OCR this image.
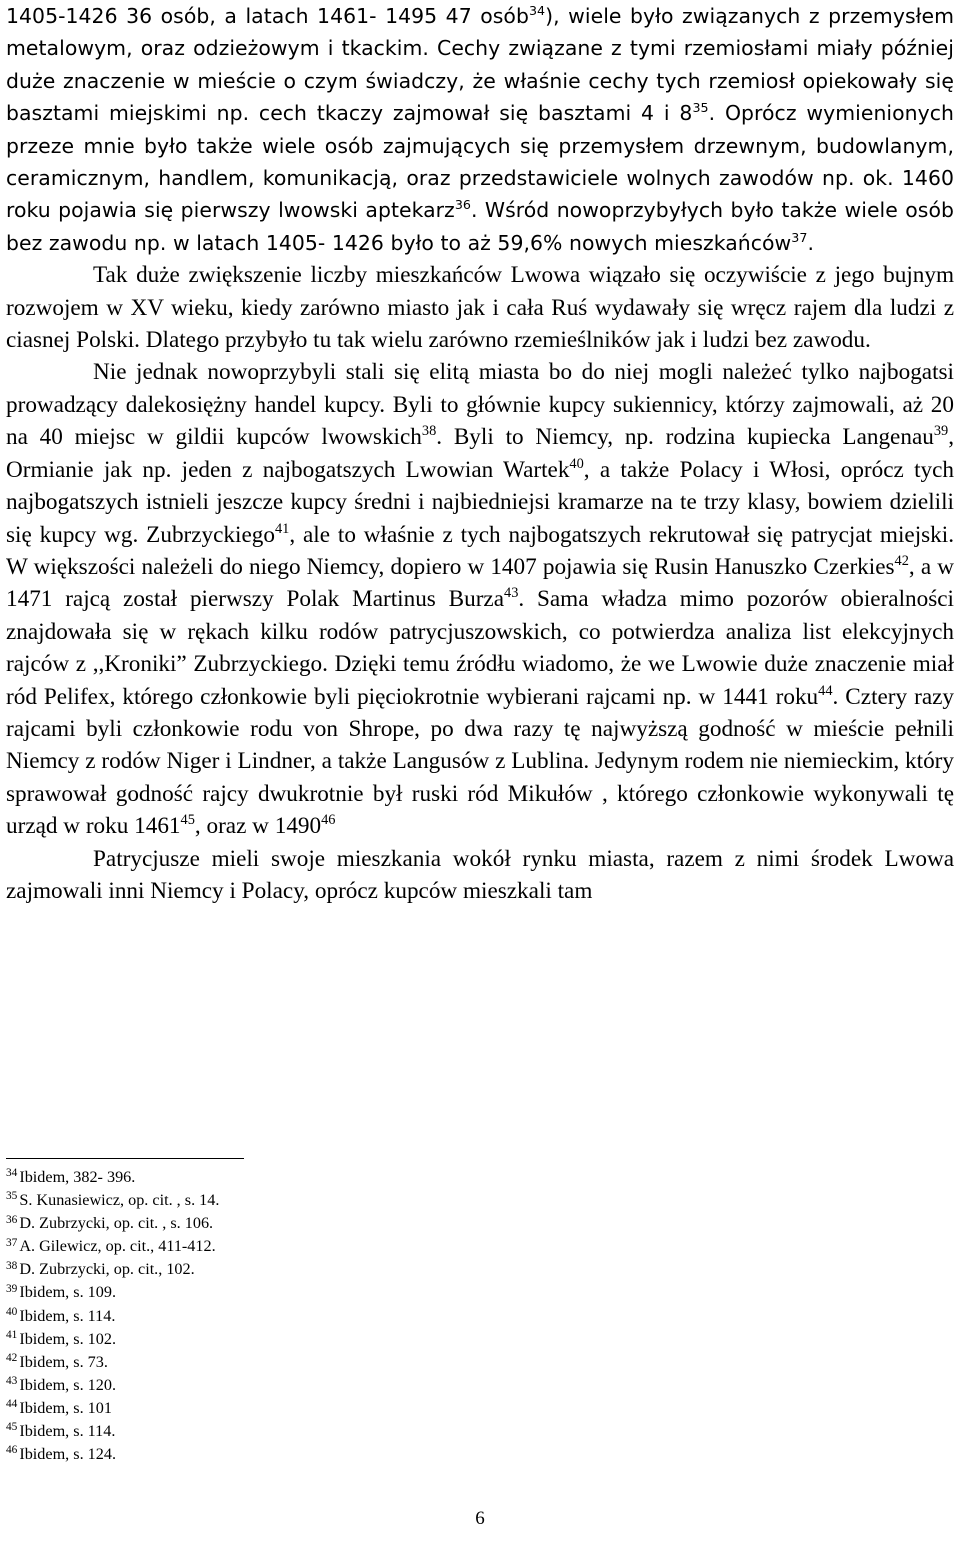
1405-1426 36 osób, a latach 1461- 1495 47 osób$^{34}$), wiele było związanych z przemysłem metalowym, oraz odzieżowym i tkackim. Cechy związane z tymi rzemiosłami miały później duże znaczenie w mieście o czym świadczy, że właśnie cechy tych rzemiosł opiekowały się basztami miejskimi np. cech tkaczy zajmował się basztami 4 i $8^{35}$. Oprócz wymienionych przeze mnie było także wiele osób zajmujących się przemysłem drzewnym, budowlanym, ceramicznym, handlem, komunikacją, oraz przedstawiciele wolnych zawodów np. ok. 1460 roku pojawia się pierwszy lwowski aptekarz$^{36}$. Wśród nowoprzybyłych było także wiele osób bez zawodu np. w latach 1405- 1426 było to aż 59,6% nowych mieszkańców$^{37}$.

Tak duże zwiększenie liczby mieszkańców Lwowa wiązało się oczywiście z jego bujnym rozwojem w XV wieku, kiedy zarówno miasto jak i cała Ruś wydawały się wręcz rajem dla ludzi z ciasnej Polski. Dlatego przybyło tu tak wielu zarówno rzemieślników jak i ludzi bez zawodu.

Nie jednak nowoprzybyli stali się elitą miasta bo do niej mogli należeć tylko najbogatsi prowadzący dalekosiężny handel kupcy. Byli to głównie kupcy sukiennicy, którzy zajmowali, aż 20 na 40 miejsc w gildii kupców lwowskich$^{38}$. Byli to Niemcy, np. rodzina kupiecka Langenau$^{39}$, Ormianie jak np. jeden z najbogatszych Lwowian Wartek$^{40}$, a także Polacy i Włosi, oprócz tych najbogatszych istnieli jeszcze kupcy średni i najbiedniejsi kramarze na te trzy klasy, bowiem dzielili się kupcy wg. Zubrzyckiego$^{41}$, ale to właśnie z tych najbogatszych rekrutował się patrycjat miejski. W większości należeli do niego Niemcy, dopiero w 1407 pojawia się Rusin Hanuszko Czerkies$^{42}$, a w 1471 rajcą został pierwszy Polak Martinus Burza$^{43}$. Sama władza mimo pozorów obieralności znajdowała się w rękach kilku rodów patrycjuszowskich, co potwierdza analiza list elekcyjnych rajców z ,,Kroniki” Zubrzyckiego. Dzięki temu źródłu wiadomo, że we Lwowie duże znaczenie miał ród Pelifex, którego członkowie byli pięciokrotnie wybierani rajcami np. w 1441 roku$^{44}$. Cztery razy rajcami byli członkowie rodu von Shrope, po dwa razy tę najwyższą godność w mieście pełnili Niemcy z rodów Niger i Lindner, a także Langusów z Lublina. Jedynym rodem nie niemieckim, który sprawował godność rajcy dwukrotnie był ruski ród Mikułów , którego członkowie wykonywali tę urząd w roku 1461$^{45}$, oraz w 1490$^{46}$

Patrycjusze mieli swoje mieszkania wokół rynku miasta, razem z nimi środek Lwowa zajmowali inni Niemcy i Polacy, oprócz kupców mieszkali tam

$^{34}$ Ibidem, 382- 396.
$^{35}$ S. Kunasiewicz, op. cit. , s. 14.
$^{36}$ D. Zubrzycki, op. cit. , s. 106.
$^{37}$ A. Gilewicz, op. cit., 411-412.
$^{38}$ D. Zubrzycki, op. cit., 102.
$^{39}$ Ibidem, s. 109.
$^{40}$ Ibidem, s. 114.
$^{41}$ Ibidem, s. 102.
$^{42}$ Ibidem, s. 73.
$^{43}$ Ibidem, s. 120.
$^{44}$ Ibidem, s. 101
$^{45}$ Ibidem, s. 114.
$^{46}$ Ibidem, s. 124.
6
